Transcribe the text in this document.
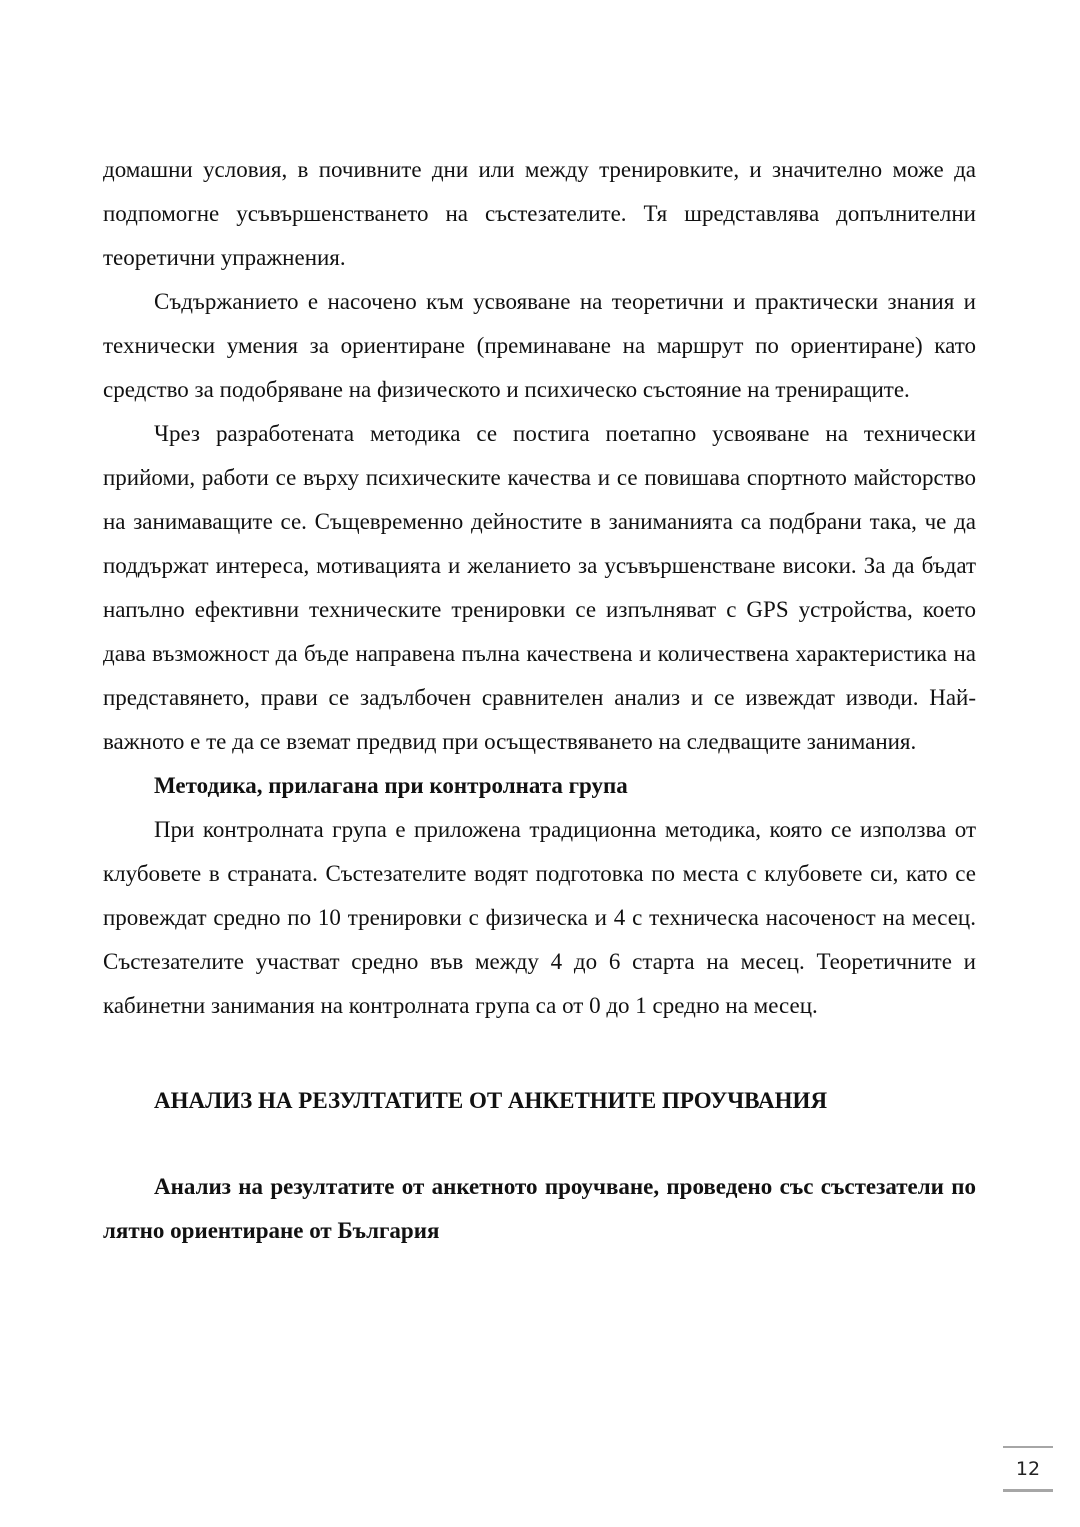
домашни условия, в почивните дни или между тренировките, и значително може да подпомогне усъвършенстването на състезателите. Тя шредставлява допълнителни теоретични упражнения.

Съдържанието е насочено към усвояване на теоретични и практически знания и технически умения за ориентиране (преминаване на маршрут по ориентиране) като средство за подобряване на физическото и психическо състояние на трениращите.

Чрез разработената методика се постига поетапно усвояване на технически прийоми, работи се върху психическите качества и се повишава спортното майсторство на занимаващите се. Същевременно дейностите в заниманията са подбрани така, че да поддържат интереса, мотивацията и желанието за усъвършенстване високи. За да бъдат напълно ефективни техническите тренировки се изпълняват с GPS устройства, което дава възможност да бъде направена пълна качествена и количествена характеристика на представянето, прави се задълбочен сравнителен анализ и се извеждат изводи. Най-важното е те да се вземат предвид при осъществяването на следващите занимания.

Методика, прилагана при контролната група

При контролната група е приложена традиционна методика, която се използва от клубовете в страната. Състезателите водят подготовка по места с клубовете си, като се провеждат средно по 10 тренировки с физическа и 4 с техническа насоченост на месец. Състезателите участват средно във между 4 до 6 старта на месец. Теоретичните и кабинетни занимания на контролната група са от 0 до 1 средно на месец.

АНАЛИЗ НА РЕЗУЛТАТИТЕ ОТ АНКЕТНИТЕ ПРОУЧВАНИЯ

Анализ на резултатите от анкетното проучване, проведено със състезатели по лятно ориентиране от България

12
